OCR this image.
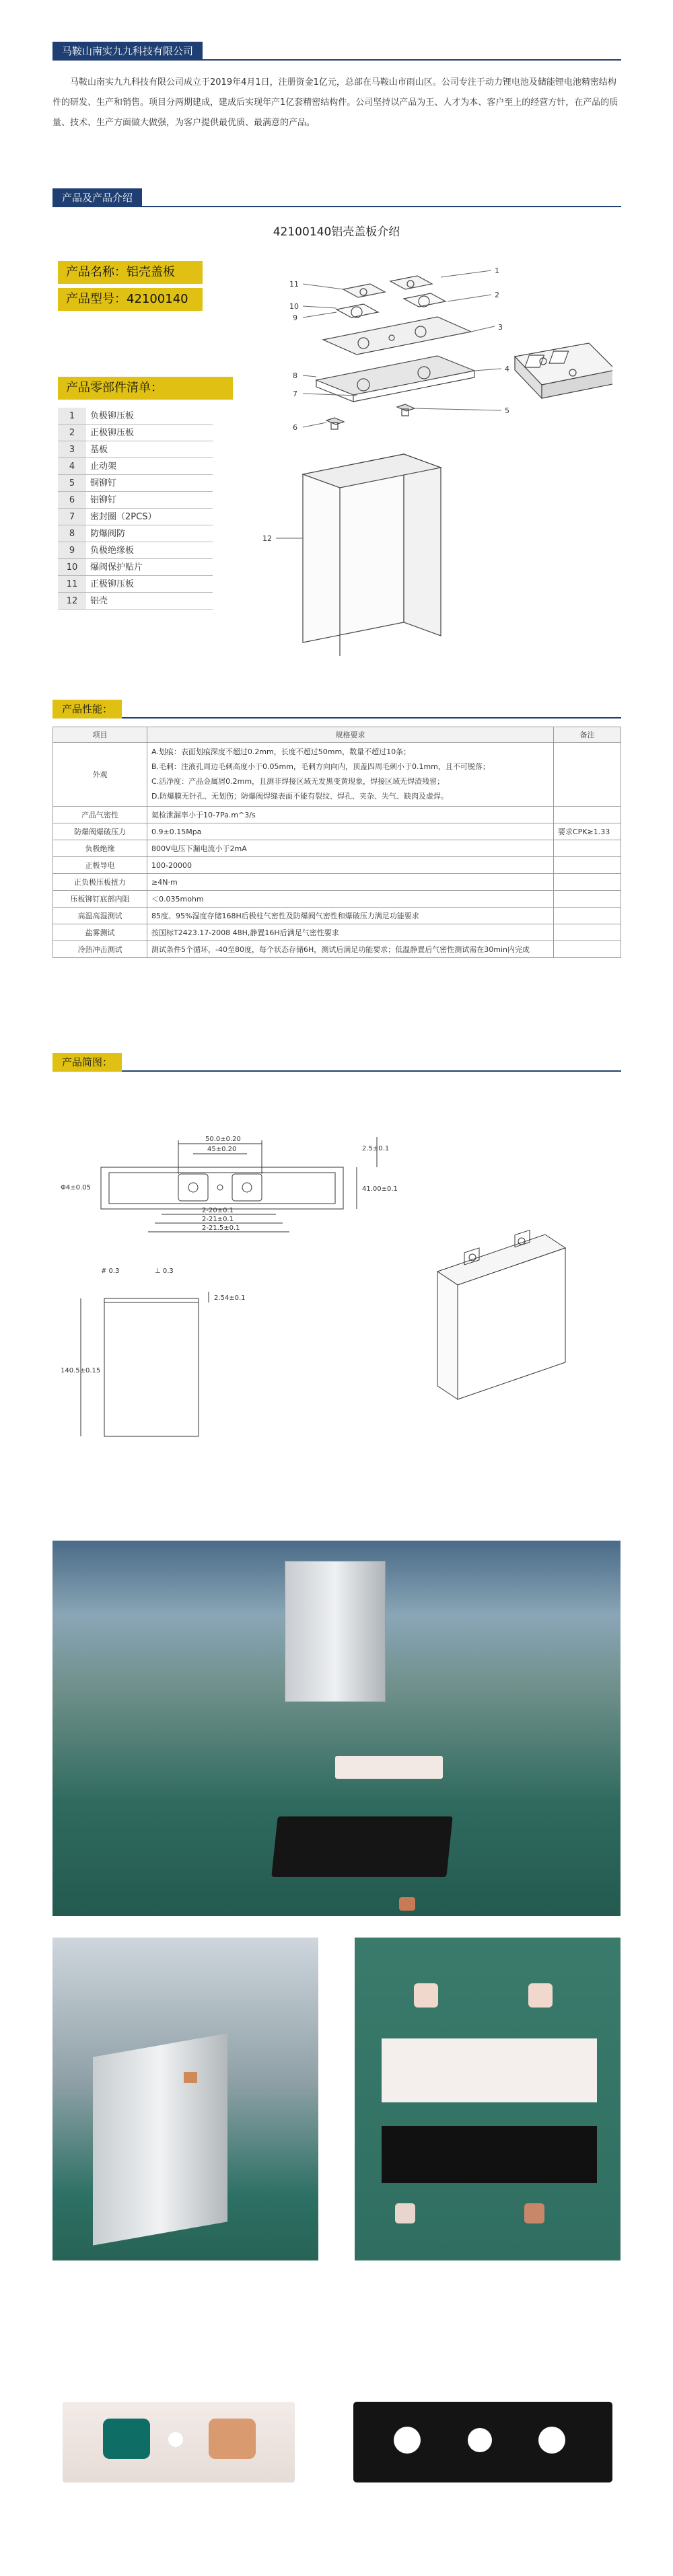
马鞍山南实九九科技有限公司

马鞍山南实九九科技有限公司成立于2019年4月1日，注册资金1亿元，总部在马鞍山市雨山区。公司专注于动力锂电池及储能锂电池精密结构件的研发、生产和销售。项目分两期建成，建成后实现年产1亿套精密结构件。公司坚持以产品为王、人才为本、客户至上的经营方针，在产品的质量、技术、生产方面做大做强，为客户提供最优质、最满意的产品。

产品及产品介绍
42100140铝壳盖板介绍
产品名称：铝壳盖板
产品型号：42100140
产品零部件清单：
1	负极铆压板
2	正极铆压板
3	基板
4	止动架
5	铜铆钉
6	铝铆钉
7	密封圈（2PCS）
8	防爆阀防
9	负极绝缘板
10	爆阀保护贴片
11	正极铆压板
12	铝壳
1
2
3
4
5
6
7
8
9
10
11
12
产品性能：
项目	规格要求	备注
外观	A.划痕：表面划痕深度不超过0.2mm，长度不超过50mm，数量不超过10条；
B.毛刺：注液孔周边毛刺高度小于0.05mm，毛刺方向向内，顶盖四周毛刺小于0.1mm，且不可脱落；
C.活净度：产品金属屑0.2mm，且测非焊接区域无发黑变黄现象，焊接区域无焊渣残留；
D.防爆膜无针孔、无划伤；防爆阀焊缝表面不能有裂纹、焊孔、夹杂、失气、缺肉及虚焊。	
产品气密性	氦检泄漏率小于10-7Pa.m^3/s	
防爆阀爆破压力	0.9±0.15Mpa	要求CPK≥1.33
负极绝缘	800V电压下漏电流小于2mA	
正极导电	100-20000	
正负极压板扭力	≥4N·m	
压板铆钉底部内阻	＜0.035mohm	
高温高湿测试	85度、95%湿度存储168H后极柱气密性及防爆阀气密性和爆破压力满足功能要求	
盐雾测试	按国标T2423.17-2008 48H,静置16H后满足气密性要求	
冷热冲击测试	测试条件5个循环，-40至80度，每个状态存储6H，测试后满足功能要求；低温静置后气密性测试需在30min内完成	
产品简图：
50.0±0.20
45±0.20
2-20±0.1
2-21±0.1
2-21.5±0.1
2.5±0.1
Φ4±0.05	41.00±0.1
2.54±0.1
140.5±0.15
# 0.3	⊥ 0.3
